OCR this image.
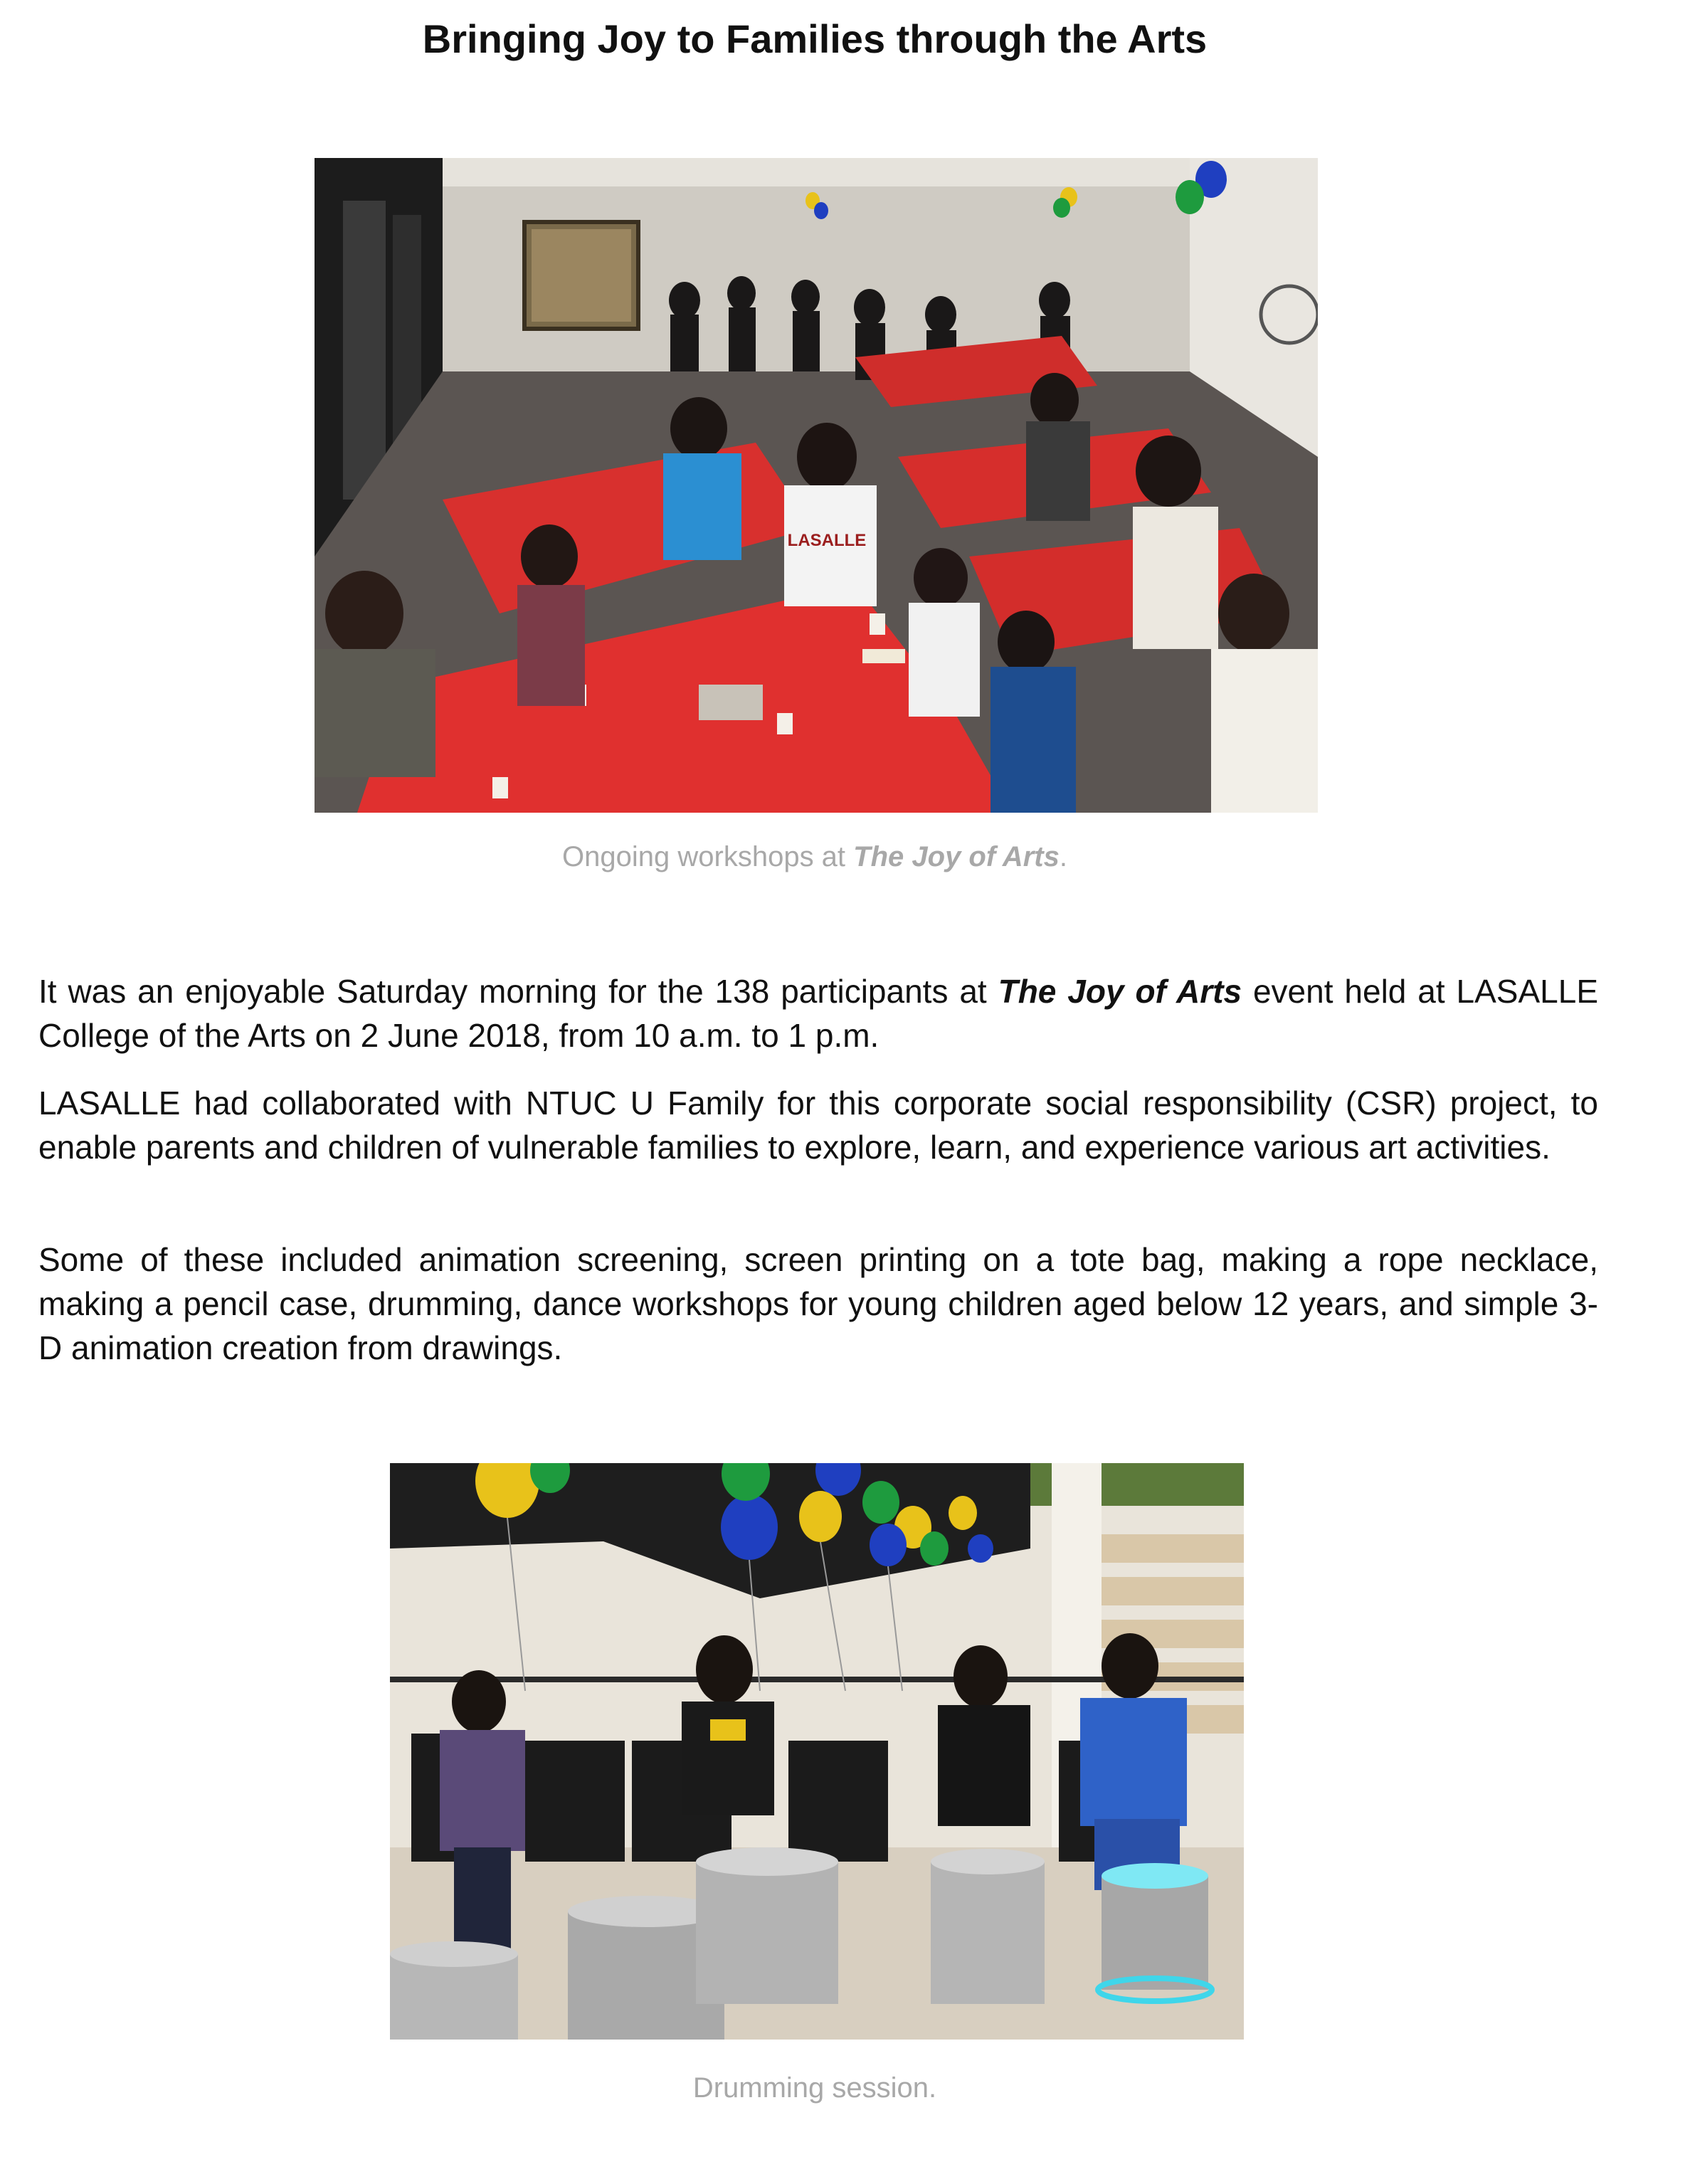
Bringing Joy to Families through the Arts
LASALLE

Ongoing workshops at The Joy of Arts.

It was an enjoyable Saturday morning for the 138 participants at The Joy of Arts event held at LASALLE College of the Arts on 2 June 2018, from 10 a.m. to 1 p.m.

LASALLE had collaborated with NTUC U Family for this corporate social responsibility (CSR) project, to enable parents and children of vulnerable families to explore, learn, and experience various art activities.

Some of these included animation screening, screen printing on a tote bag, making a rope necklace, making a pencil case, drumming, dance workshops for young children aged below 12 years, and simple 3-D animation creation from drawings.

Drumming session.
